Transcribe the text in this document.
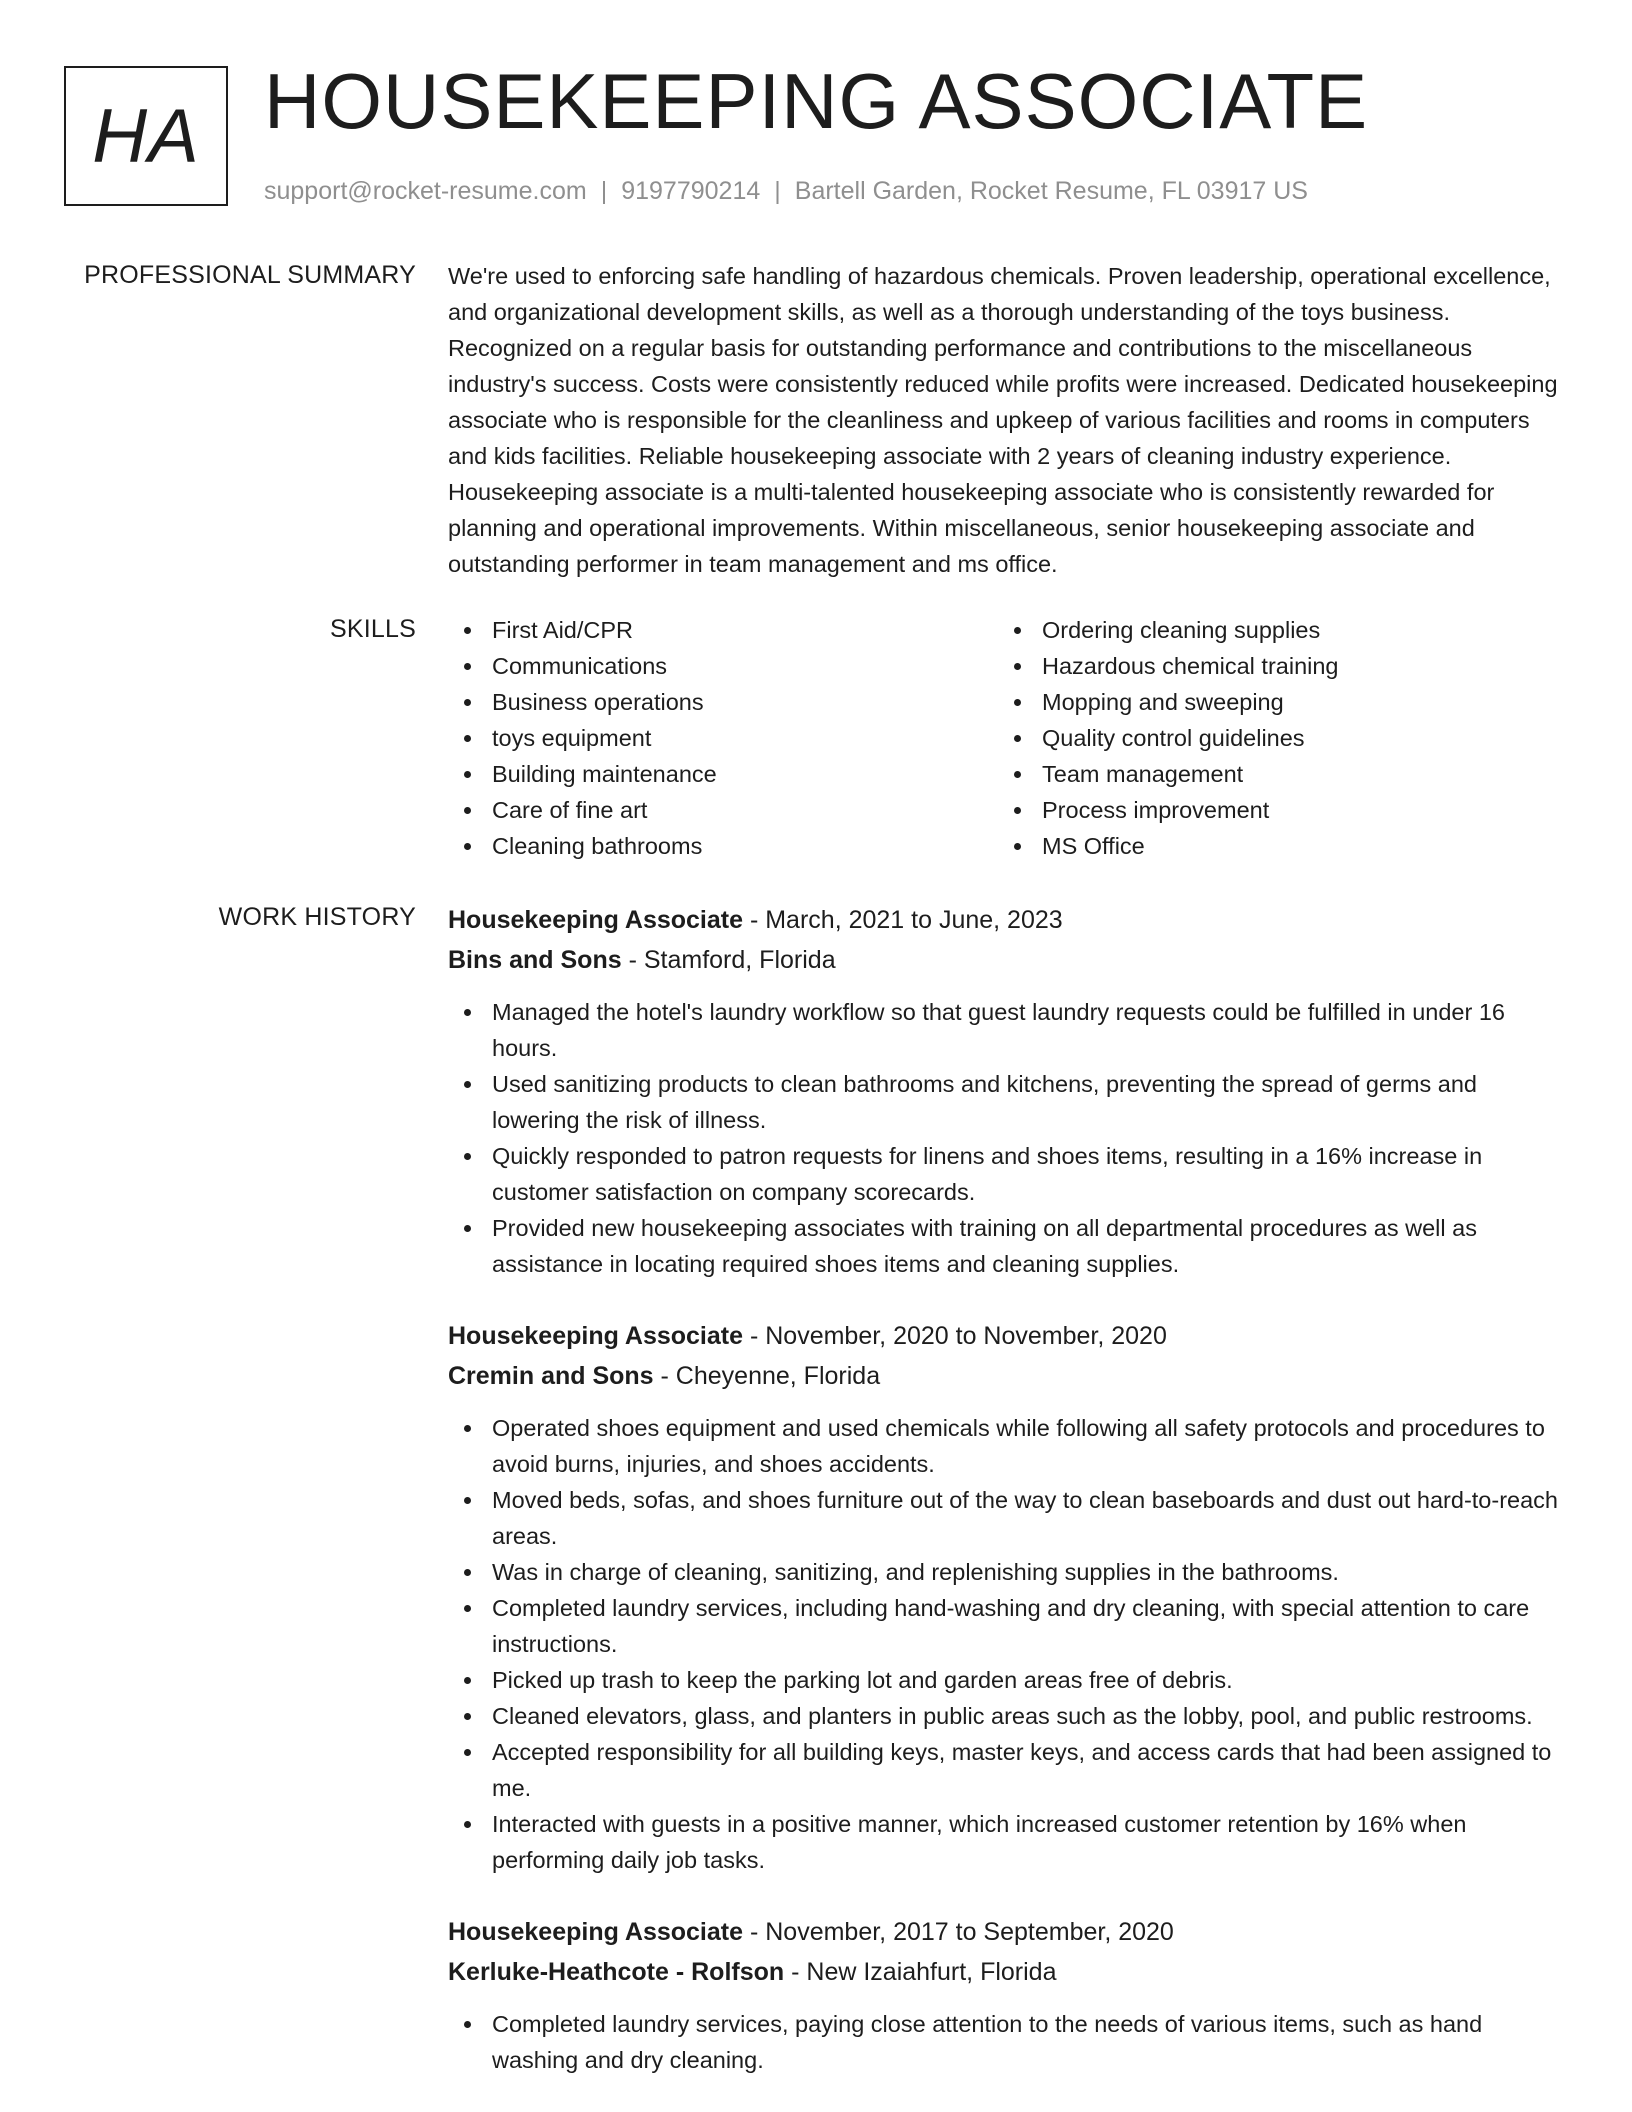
HA HOUSEKEEPING ASSOCIATE
support@rocket-resume.com | 9197790214 | Bartell Garden, Rocket Resume, FL 03917 US
PROFESSIONAL SUMMARY We're used to enforcing safe handling of hazardous chemicals. Proven leadership, operational excellence, and organizational development skills, as well as a thorough understanding of the toys business. Recognized on a regular basis for outstanding performance and contributions to the miscellaneous industry's success. Costs were consistently reduced while profits were increased. Dedicated housekeeping associate who is responsible for the cleanliness and upkeep of various facilities and rooms in computers and kids facilities. Reliable housekeeping associate with 2 years of cleaning industry experience. Housekeeping associate is a multi-talented housekeeping associate who is consistently rewarded for planning and operational improvements. Within miscellaneous, senior housekeeping associate and outstanding performer in team management and ms office.

SKILLS	First Aid/CPR
Communications
Business operations
toys equipment
Building maintenance
Care of fine art
Cleaning bathrooms
Ordering cleaning supplies
Hazardous chemical training
Mopping and sweeping
Quality control guidelines
Team management
Process improvement
MS Office
WORK HISTORY Housekeeping Associate - March, 2021 to June, 2023
Bins and Sons - Stamford, Florida
Managed the hotel's laundry workflow so that guest laundry requests could be fulfilled in under 16 hours.
Used sanitizing products to clean bathrooms and kitchens, preventing the spread of germs and lowering the risk of illness.
Quickly responded to patron requests for linens and shoes items, resulting in a 16% increase in customer satisfaction on company scorecards.
Provided new housekeeping associates with training on all departmental procedures as well as assistance in locating required shoes items and cleaning supplies.
Housekeeping Associate - November, 2020 to November, 2020
Cremin and Sons - Cheyenne, Florida
Operated shoes equipment and used chemicals while following all safety protocols and procedures to avoid burns, injuries, and shoes accidents.
Moved beds, sofas, and shoes furniture out of the way to clean baseboards and dust out hard-to-reach areas.
Was in charge of cleaning, sanitizing, and replenishing supplies in the bathrooms.
Completed laundry services, including hand-washing and dry cleaning, with special attention to care instructions.
Picked up trash to keep the parking lot and garden areas free of debris.
Cleaned elevators, glass, and planters in public areas such as the lobby, pool, and public restrooms.
Accepted responsibility for all building keys, master keys, and access cards that had been assigned to me.
Interacted with guests in a positive manner, which increased customer retention by 16% when performing daily job tasks.
Housekeeping Associate - November, 2017 to September, 2020
Kerluke-Heathcote - Rolfson - New Izaiahfurt, Florida
Completed laundry services, paying close attention to the needs of various items, such as hand washing and dry cleaning.
